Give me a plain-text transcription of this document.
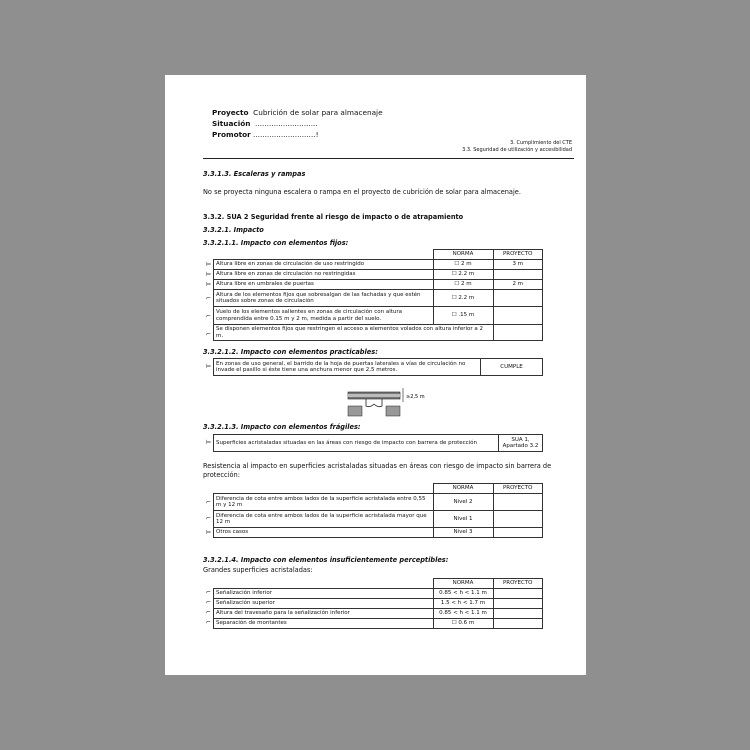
Proyecto Cubrición de solar para almacenaje
Situación ...........................
Promotor ...........................!
3. Cumplimiento del CTE
3.3. Seguridad de utilización y accesibilidad
3.3.1.3. Escaleras y rampas
No se proyecta ninguna escalera o rampa en el proyecto de cubrición de solar para almacenaje.
3.3.2. SUA 2 Seguridad frente al riesgo de impacto o de atrapamiento
3.3.2.1. Impacto
3.3.2.1.1. Impacto con elementos fijos:
⊨
⊨
⊨
⌐
⌐
⌐
	NORMA	PROYECTO
Altura libre en zonas de circulación de uso restringido	☐ 2 m	3 m
Altura libre en zonas de circulación no restringidas	☐ 2.2 m	
Altura libre en umbrales de puertas	☐ 2 m	2 m
Altura de los elementos fijos que sobresalgan de las fachadas y que estén situados sobre zonas de circulación	☐ 2.2 m	
Vuelo de los elementos salientes en zonas de circulación con altura comprendida entre 0.15 m y 2 m, medida a partir del suelo.	☐ .15 m	
Se disponen elementos fijos que restringen el acceso a elementos volados con altura inferior a 2 m.		
3.3.2.1.2. Impacto con elementos practicables:
⊨ En zonas de uso general, el barrido de la hoja de puertas laterales a vías de circulación no invade el pasillo si éste tiene una anchura menor que 2,5 metros.	CUMPLE
≥2,5 m
3.3.2.1.3. Impacto con elementos frágiles:
⊨ Superficies acristaladas situadas en las áreas con riesgo de impacto con barrera de protección	SUA 1, Apartado 3.2
Resistencia al impacto en superficies acristaladas situadas en áreas con riesgo de impacto sin barrera de
protección:
⌐
⌐
⊨
	NORMA	PROYECTO
Diferencia de cota entre ambos lados de la superficie acristalada entre 0,55 m y 12 m	Nivel 2	
Diferencia de cota entre ambos lados de la superficie acristalada mayor que 12 m	Nivel 1	
Otros casos	Nivel 3	
3.3.2.1.4. Impacto con elementos insuficientemente perceptibles:
Grandes superficies acristaladas:
⌐
⌐
⌐
⌐
	NORMA	PROYECTO
Señalización inferior	0.85 < h < 1.1 m	
Señalización superior	1.5 < h < 1.7 m	
Altura del travesaño para la señalización inferior	0.85 < h < 1.1 m	
Separación de montantes	☐ 0.6 m	
